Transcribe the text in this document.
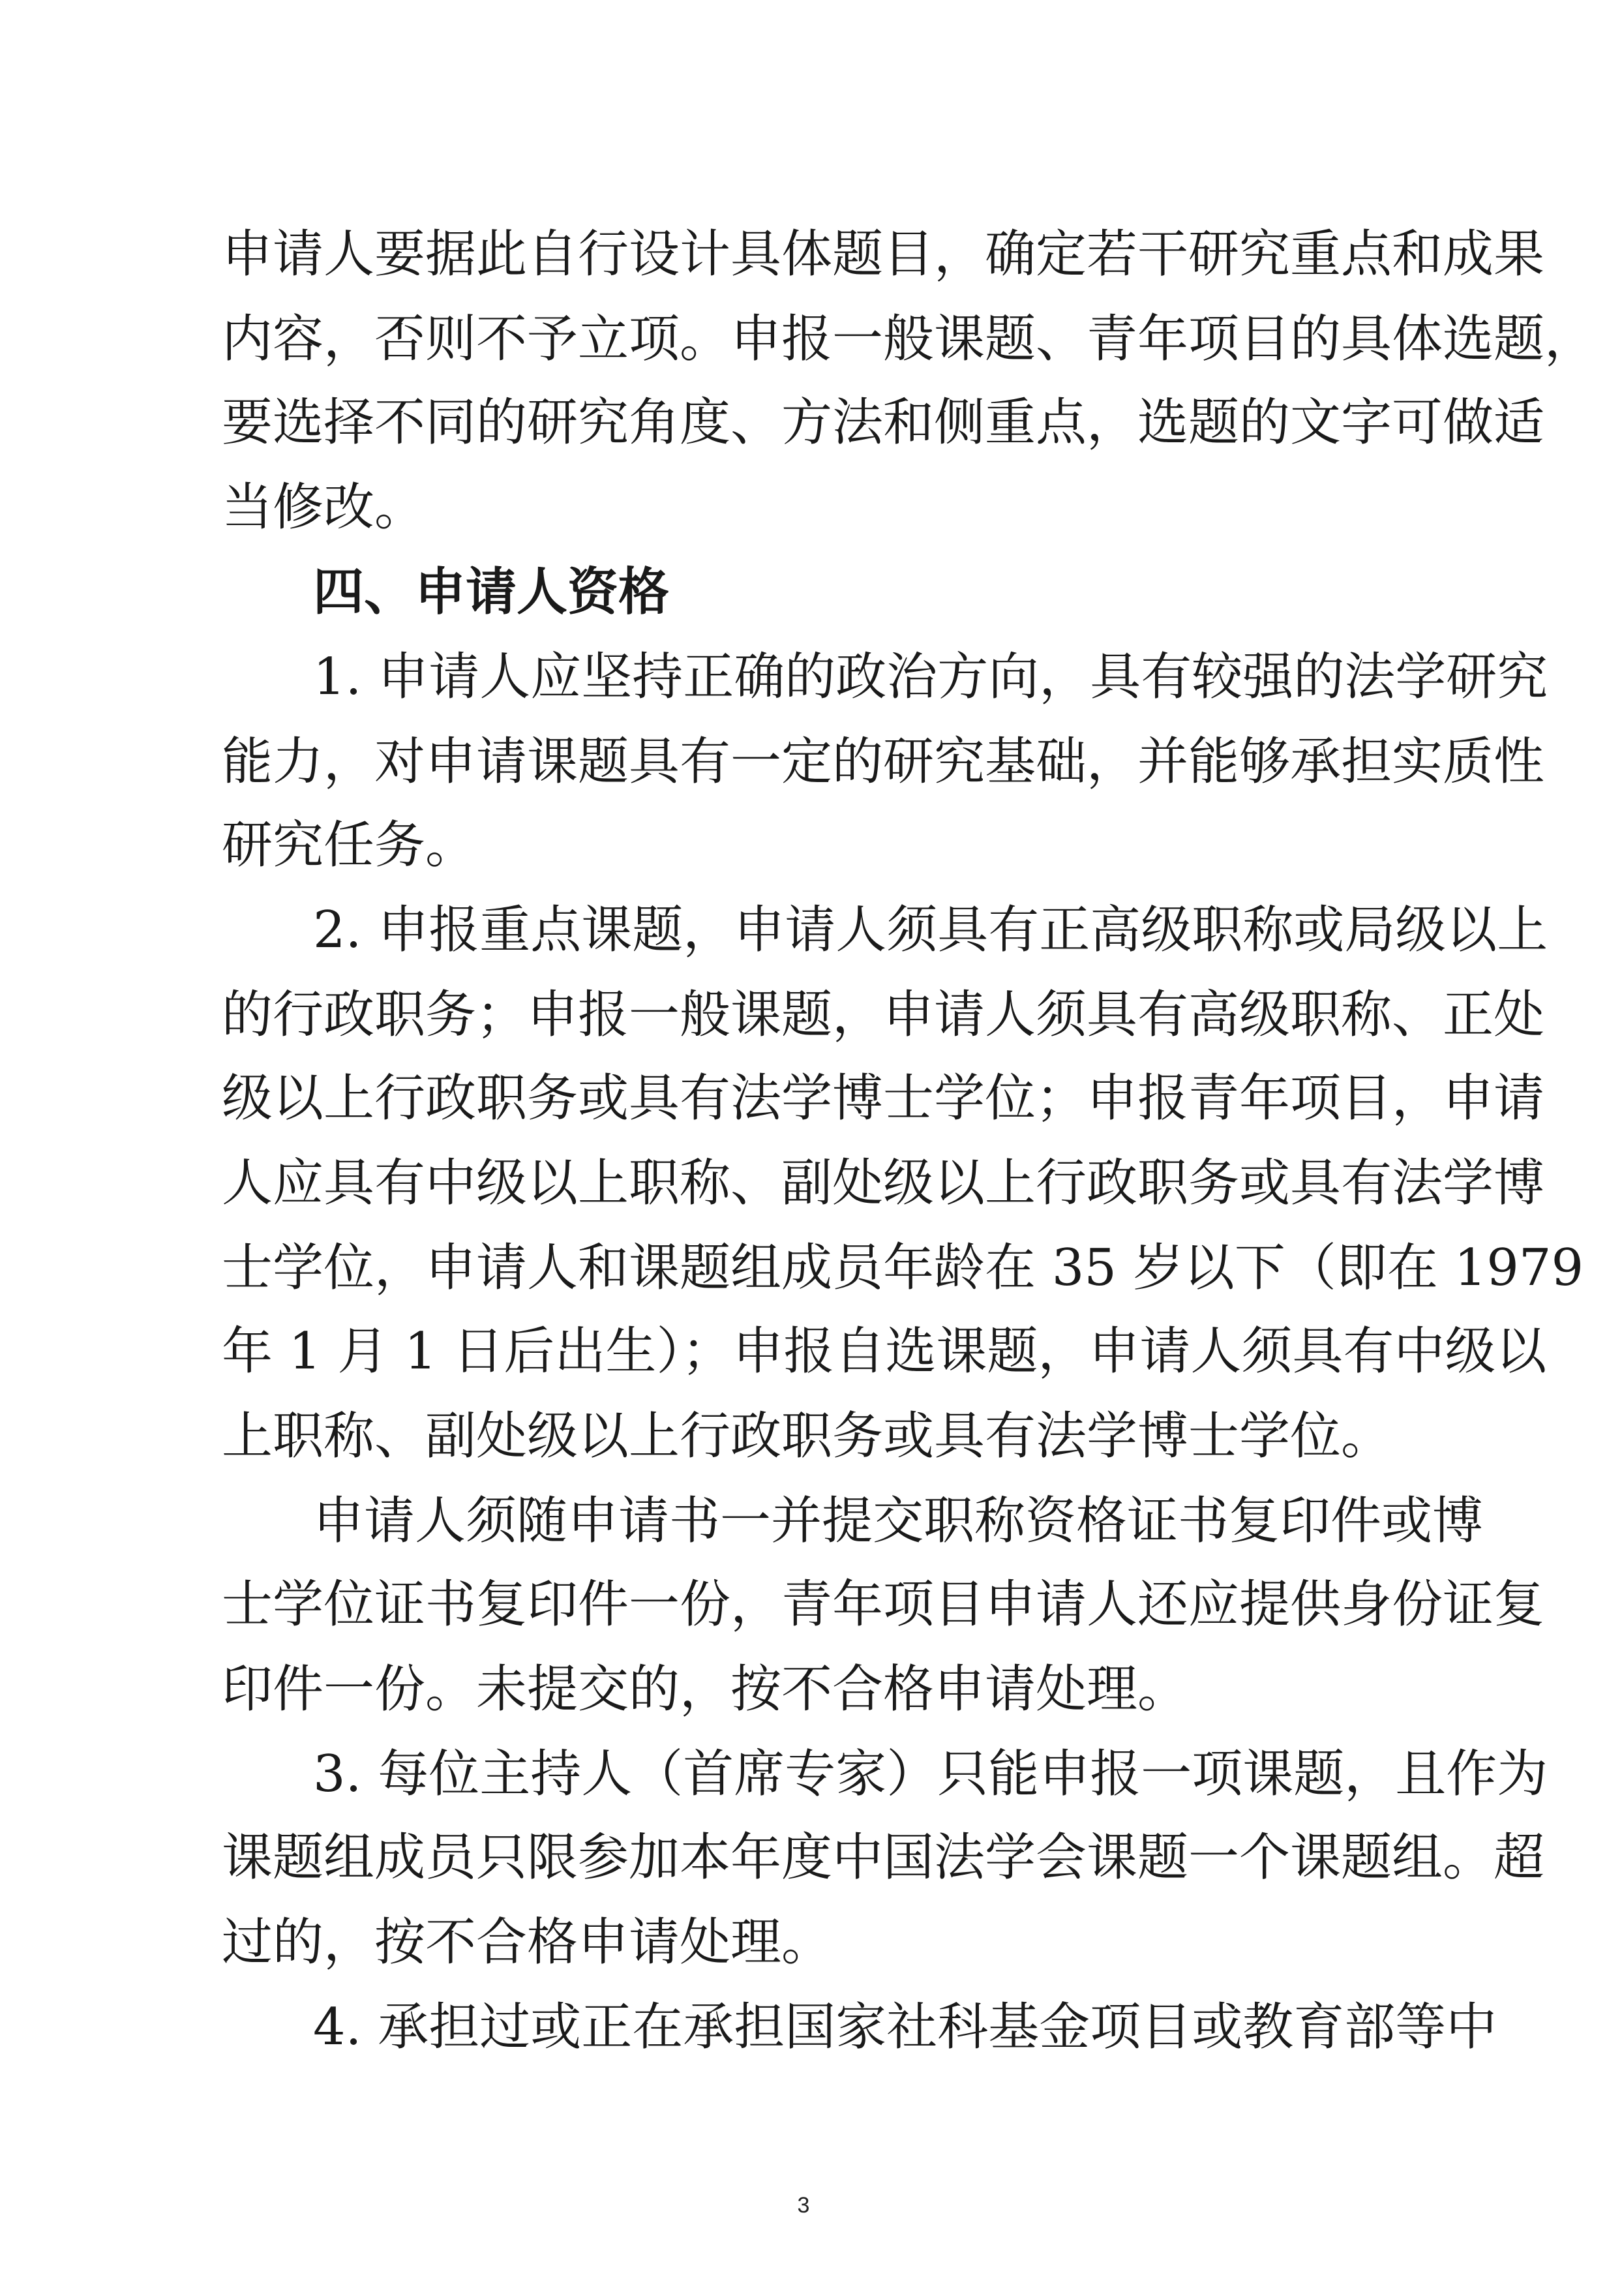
申请人要据此自行设计具体题目，确定若干研究重点和成果
内容，否则不予立项。申报一般课题、青年项目的具体选题，
要选择不同的研究角度、方法和侧重点，选题的文字可做适
当修改。
四、申请人资格
1. 申请人应坚持正确的政治方向，具有较强的法学研究
能力，对申请课题具有一定的研究基础，并能够承担实质性
研究任务。
2. 申报重点课题，申请人须具有正高级职称或局级以上
的行政职务；申报一般课题，申请人须具有高级职称、正处
级以上行政职务或具有法学博士学位；申报青年项目，申请
人应具有中级以上职称、副处级以上行政职务或具有法学博
士学位，申请人和课题组成员年龄在 35 岁以下（即在 1979
年 1 月 1 日后出生）；申报自选课题，申请人须具有中级以
上职称、副处级以上行政职务或具有法学博士学位。
申请人须随申请书一并提交职称资格证书复印件或博
士学位证书复印件一份，青年项目申请人还应提供身份证复
印件一份。未提交的，按不合格申请处理。
3. 每位主持人（首席专家）只能申报一项课题，且作为
课题组成员只限参加本年度中国法学会课题一个课题组。超
过的，按不合格申请处理。
4. 承担过或正在承担国家社科基金项目或教育部等中
3
